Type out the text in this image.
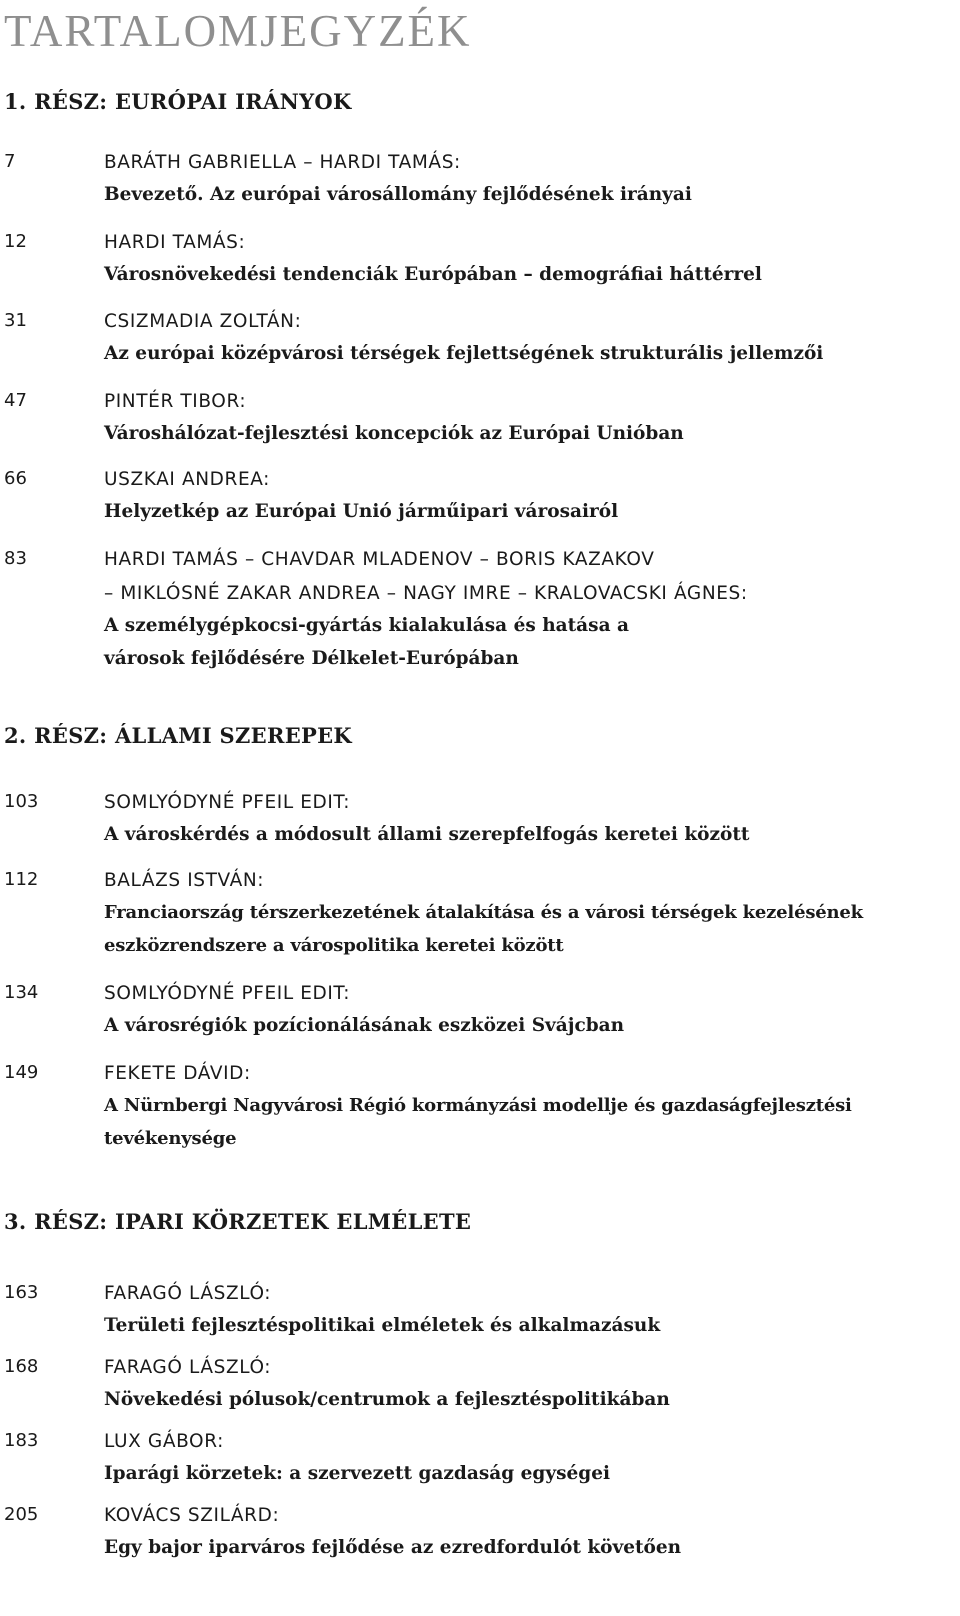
TARTALOMJEGYZÉK
1. RÉSZ: EURÓPAI IRÁNYOK
7	BARÁTH GABRIELLA – HARDI TAMÁS:
Bevezető. Az európai városállomány fejlődésének irányai
12	HARDI TAMÁS:
Városnövekedési tendenciák Európában – demográfiai háttérrel
31	CSIZMADIA ZOLTÁN:
Az európai középvárosi térségek fejlettségének strukturális jellemzői
47	PINTÉR TIBOR:
Városhálózat-fejlesztési koncepciók az Európai Unióban
66	USZKAI ANDREA:
Helyzetkép az Európai Unió járműipari városairól
83	HARDI TAMÁS – CHAVDAR MLADENOV – BORIS KAZAKOV
– MIKLÓSNÉ ZAKAR ANDREA – NAGY IMRE – KRALOVACSKI ÁGNES:
A személygépkocsi-gyártás kialakulása és hatása a
városok fejlődésére Délkelet-Európában
2. RÉSZ: ÁLLAMI SZEREPEK
103	SOMLYÓDYNÉ PFEIL EDIT:
A városkérdés a módosult állami szerepfelfogás keretei között
112	BALÁZS ISTVÁN:
Franciaország térszerkezetének átalakítása és a városi térségek kezelésének
eszközrendszere a várospolitika keretei között
134	SOMLYÓDYNÉ PFEIL EDIT:
A városrégiók pozícionálásának eszközei Svájcban
149	FEKETE DÁVID:
A Nürnbergi Nagyvárosi Régió kormányzási modellje és gazdaságfejlesztési
tevékenysége
3. RÉSZ: IPARI KÖRZETEK ELMÉLETE
163	FARAGÓ LÁSZLÓ:
Területi fejlesztéspolitikai elméletek és alkalmazásuk
168	FARAGÓ LÁSZLÓ:
Növekedési pólusok/centrumok a fejlesztéspolitikában
183	LUX GÁBOR:
Iparági körzetek: a szervezett gazdaság egységei
205	KOVÁCS SZILÁRD:
Egy bajor iparváros fejlődése az ezredfordulót követően
